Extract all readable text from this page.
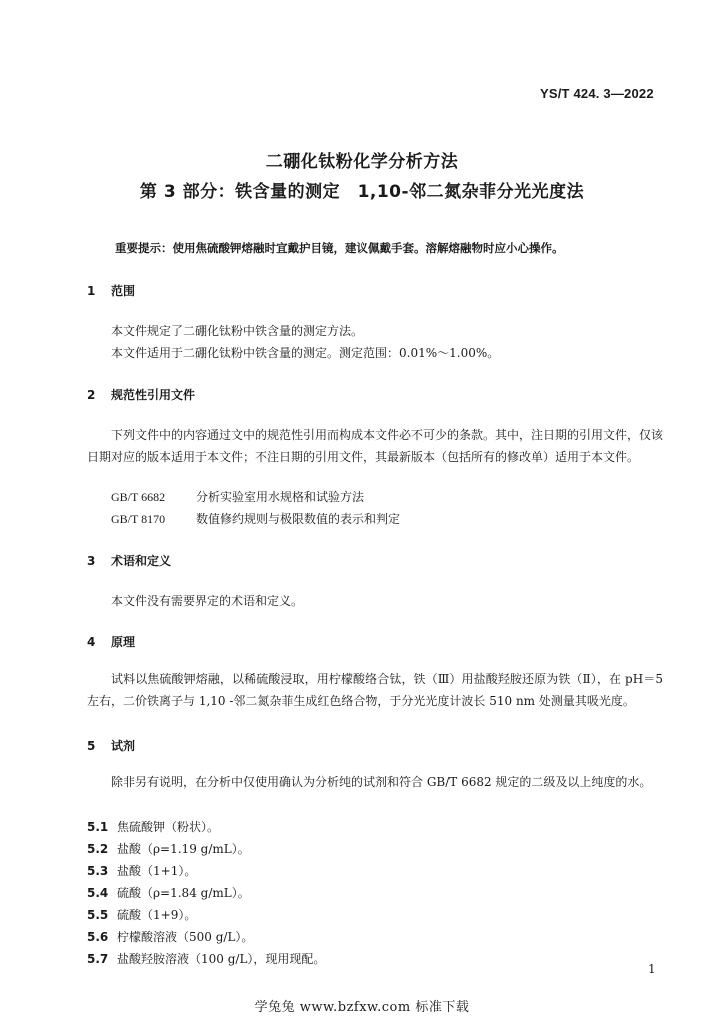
YS/T 424. 3—2022
二硼化钛粉化学分析方法
第 3 部分：铁含量的测定　1,10-邻二氮杂菲分光光度法
重要提示：使用焦硫酸钾熔融时宜戴护目镜，建议佩戴手套。溶解熔融物时应小心操作。
1 范围
本文件规定了二硼化钛粉中铁含量的测定方法。
本文件适用于二硼化钛粉中铁含量的测定。测定范围：0.01%～1.00%。
2 规范性引用文件
下列文件中的内容通过文中的规范性引用而构成本文件必不可少的条款。其中，注日期的引用文件，仅该日期对应的版本适用于本文件；不注日期的引用文件，其最新版本（包括所有的修改单）适用于本文件。
GB/T 6682	分析实验室用水规格和试验方法
GB/T 8170	数值修约规则与极限数值的表示和判定
3 术语和定义
本文件没有需要界定的术语和定义。
4 原理
试料以焦硫酸钾熔融，以稀硫酸浸取，用柠檬酸络合钛，铁（Ⅲ）用盐酸羟胺还原为铁（Ⅱ），在 pH＝5 左右，二价铁离子与 1,10 -邻二氮杂菲生成红色络合物，于分光光度计波长 510 nm 处测量其吸光度。
5 试剂
除非另有说明，在分析中仅使用确认为分析纯的试剂和符合 GB/T 6682 规定的二级及以上纯度的水。
5.1 焦硫酸钾（粉状）。
5.2 盐酸（ρ=1.19 g/mL）。
5.3 盐酸（1+1）。
5.4 硫酸（ρ=1.84 g/mL）。
5.5 硫酸（1+9）。
5.6 柠檬酸溶液（500 g/L）。
5.7 盐酸羟胺溶液（100 g/L），现用现配。
1
学兔兔 www.bzfxw.com 标准下载
